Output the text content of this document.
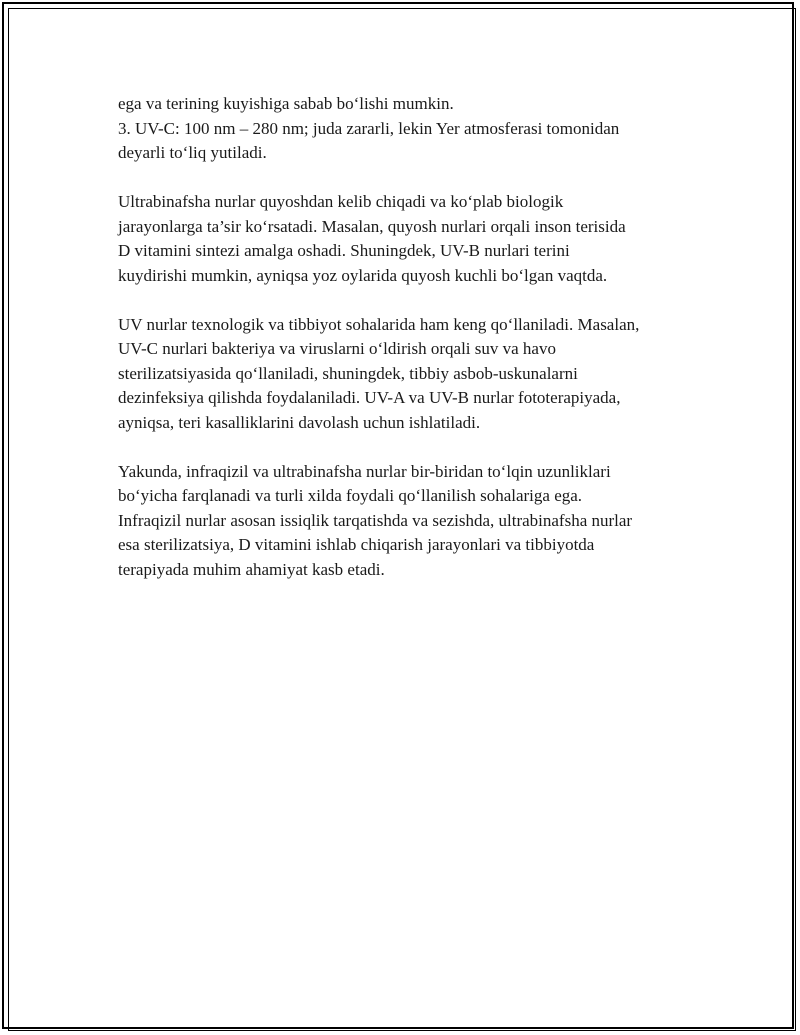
ega va terining kuyishiga sabab bo‘lishi mumkin.
3. UV-C: 100 nm – 280 nm; juda zararli, lekin Yer atmosferasi tomonidan
deyarli to‘liq yutiladi.
Ultrabinafsha nurlar quyoshdan kelib chiqadi va ko‘plab biologik
jarayonlarga ta’sir ko‘rsatadi. Masalan, quyosh nurlari orqali inson terisida
D vitamini sintezi amalga oshadi. Shuningdek, UV-B nurlari terini
kuydirishi mumkin, ayniqsa yoz oylarida quyosh kuchli bo‘lgan vaqtda.
UV nurlar texnologik va tibbiyot sohalarida ham keng qo‘llaniladi. Masalan,
UV-C nurlari bakteriya va viruslarni o‘ldirish orqali suv va havo
sterilizatsiyasida qo‘llaniladi, shuningdek, tibbiy asbob-uskunalarni
dezinfeksiya qilishda foydalaniladi. UV-A va UV-B nurlar fototerapiyada,
ayniqsa, teri kasalliklarini davolash uchun ishlatiladi.
Yakunda, infraqizil va ultrabinafsha nurlar bir-biridan to‘lqin uzunliklari
bo‘yicha farqlanadi va turli xilda foydali qo‘llanilish sohalariga ega.
Infraqizil nurlar asosan issiqlik tarqatishda va sezishda, ultrabinafsha nurlar
esa sterilizatsiya, D vitamini ishlab chiqarish jarayonlari va tibbiyotda
terapiyada muhim ahamiyat kasb etadi.
